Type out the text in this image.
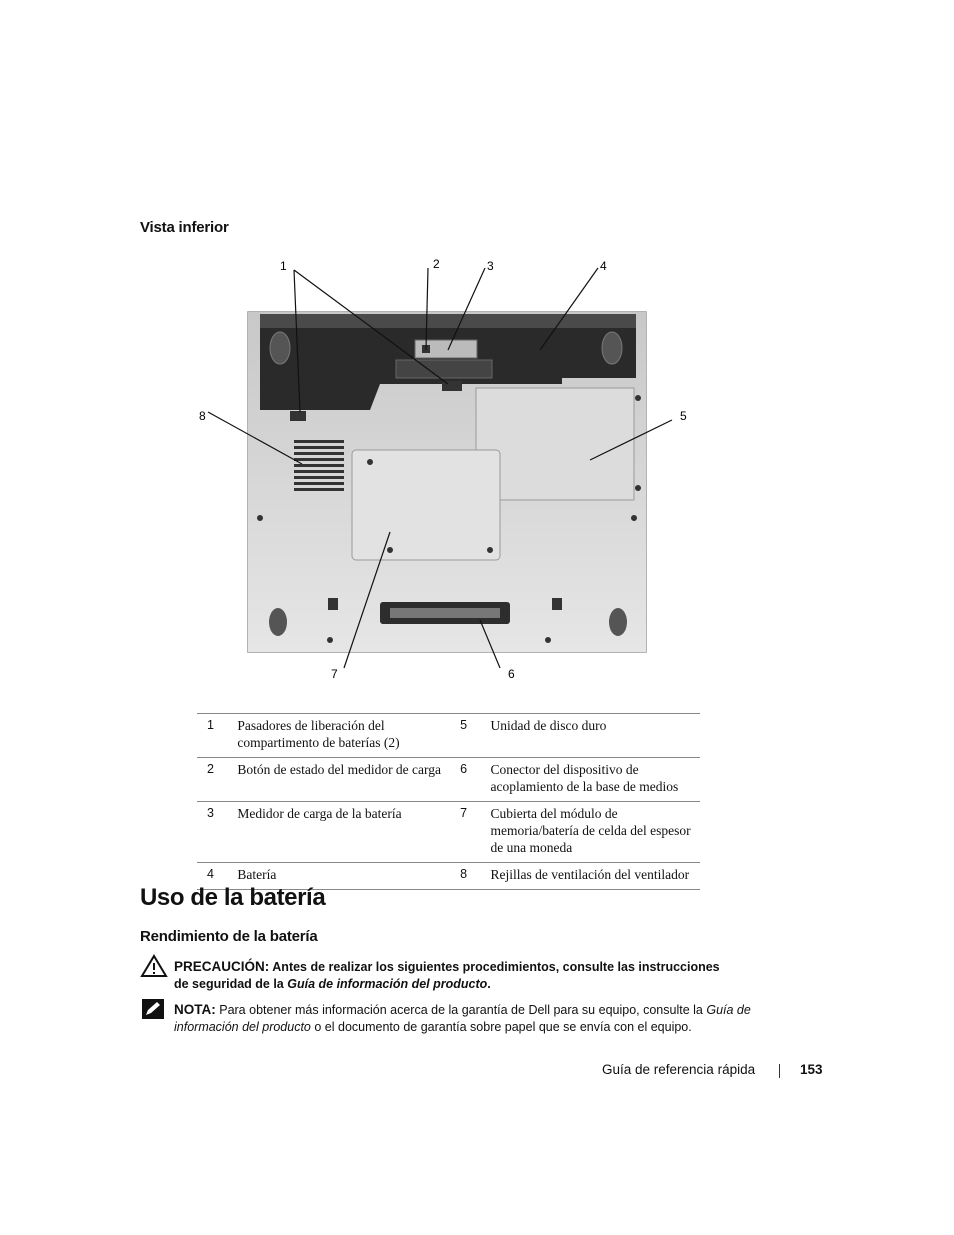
Vista inferior
1	2	3	4
5
6
7
8
1	Pasadores de liberación del compartimento de baterías (2)	5	Unidad de disco duro
2	Botón de estado del medidor de carga	6	Conector del dispositivo de acoplamiento de la base de medios
3	Medidor de carga de la batería	7	Cubierta del módulo de memoria/batería de celda del espesor de una moneda
4	Batería	8	Rejillas de ventilación del ventilador
Uso de la batería
Rendimiento de la batería
PRECAUCIÓN: Antes de realizar los siguientes procedimientos, consulte las instrucciones de seguridad de la Guía de información del producto.
NOTA: Para obtener más información acerca de la garantía de Dell para su equipo, consulte la Guía de información del producto o el documento de garantía sobre papel que se envía con el equipo.
Guía de referencia rápida	153
